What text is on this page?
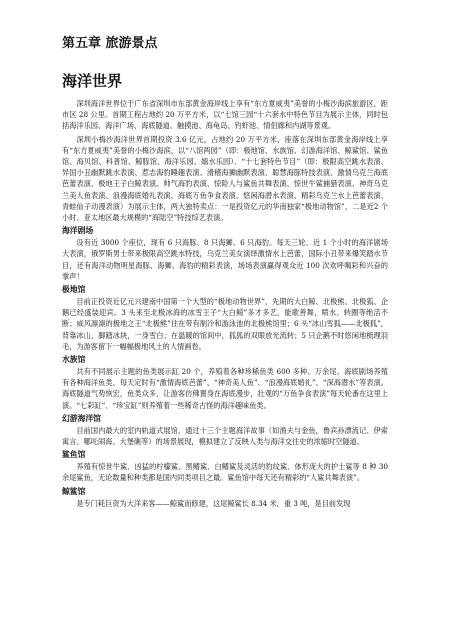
第五章 旅游景点
海洋世界

深圳海洋世界位于广东省深圳市东部黄金海岸线上享有“东方夏威夷”美誉的小梅沙海滨旅游区，距市区 28 公里。首期工程占地约 20 万平方米，以“七馆三园“十六套水中特色节目为展示主体，同时包括海洋乐园、海洋广场、海底隧道、触摸池、海龟岛、钓虾池、情侣廊和内湖等景观。

深圳小梅沙海洋世界首期投资 3.6 亿元，占地约 20 万平方米，座落在深圳东部黄金海岸线上享有“东方夏威夷”美誉的小梅沙海滨，以“八馆两园”（即：极地馆、水族馆、幻游海洋馆、鲸鲨馆、鲨鱼馆、海贝馆、科普馆、鲸豚馆、海洋乐园、嬉水乐园）、“十七套特色节目”（即：极限高空跳水表演、异国小丑幽默跳水表演、惹志海豹睡趣表演、滑稽海狮幽默表演、聪慧海豚特技表演、激情乌克兰海底芭蕾表演、极地王子白鲸表演、帅气海豹表演、惊险人与鲨鱼共舞表演、惊世牛鲨捕猎表演、神奇乌克兰美人鱼表演、浪漫海底婚礼表演、海底万鱼争食表演、悠闲海潜水表演、精彩乌克兰水上芭蕾表演、青蛙仙子动漫表演）为展示主体，两大独特卖点：一是投资亿元的华南独家“极地动物馆”，二是近2 个小时、亚太地区最大规模的“海陆空”特技综艺表演。

海洋剧场

设有近 3000 个座位，现有 6 只海豚、8 只海狮、6 只海豹。每天三轮、近 1 个小时的海洋剧场大表演，俄罗斯男士带来极限高空跳水特技，乌克兰美女演绎激情水上芭蕾，国际小丑带来爆笑踏水节目，还有海洋动物明星海豚、海狮、海豹的精彩表演，场场表演赢得观众近 100 次欢呼喝彩和兴奋的掌声！

极地馆

目前正投资近亿元兴建南中国第一个大型的“极地动物世界”，先期的大白鲸、北极熊、北极狐、企鹅已经盛装迎宾。3 头来至北极冰海的冰雪王子“大白鲸”多才多艺，能歌善舞，喷水、转圈等绝活不断；威风凛凛的极地之王“北极熊”住在带有制冷和游泳池的北极熊馆里；6 头“冰山雪狐——北极狐”，背靠冰山、脚踏冰块，一身雪白；在温暖的馆间中，狐狐的双眼放光流转；5 只企鹅不时悠闲地梳理羽毛，为游客留下一幅幅极地风土的人情画卷。

水族馆

共有不同展示主题的鱼类展示缸 20 个，养殖着各种珍稀鱼类 600 多种、万余尾。海底剧场养殖有各种海洋鱼类，每天定时有“激情海底芭蕾”、“神奇美人鱼”、“浪漫海底婚礼”、“深海潜水”等表演。海底隧道气势恢宏，鱼类众多，让游客仿佛置身在海底漫步，壮观的“万鱼争食表演”每天轮番在这里上演。“七彩缸”、“珍宝缸”则养殖着一些稀奇古怪的海洋趣味鱼类。

幻游海洋馆

目前国内最大的室内轨道式展馆，通过十三个主题海洋故事（如渔夫与金鱼，鲁宾孙漂流记、伊索寓言、哪吒闹海、大堡礁等）的场景展现，模拟建立了反映人类与海洋交往史的浓缩时空隧道。

鲨鱼馆

养殖有惊世牛鲨、凶猛的柠檬鲨、黑鳍鲨、白鳍鲨及灵活的豹纹鲨、体形庞大的护士鲨等 8 种 30 余尾鲨鱼，无论数量和种类都是国内同类项目之最。鲨鱼馆中每天还有精彩的“人鲨共舞表演”。

鲸鲨馆

是专门耗巨资为大洋来客——鲸鲨而修建，这尾鲸鲨长 8.34 米，重 3 吨，是目前发现
